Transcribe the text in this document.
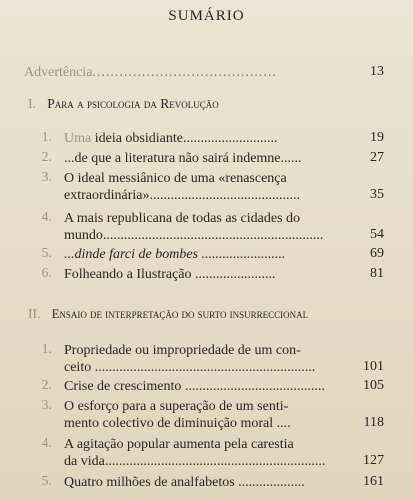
SUMÁRIO
Advertência.........................................	13
I. Para a psicologia da Revolução
1. Uma ideia obsidiante...........................	19
2. ...de que a literatura não sairá indemne......	27
3. O ideal messiânico de uma «renascença
extraordinária»...........................................	35
4. A mais republicana de todas as cidades do
mundo...............................................................	54
5. ...dinde farci de bombes ........................	69
6. Folheando a Ilustração .......................	81
II. Ensaio de interpretação do surto insurreccional
1. Propriedade ou impropriedade de um con-
ceito ...............................................................	101
2. Crise de crescimento ........................................	105
3. O esforço para a superação de um senti-
mento colectivo de diminuição moral ....	118
4. A agitação popular aumenta pela carestia
da vida...............................................................	127
5. Quatro milhões de analfabetos ...................	161
